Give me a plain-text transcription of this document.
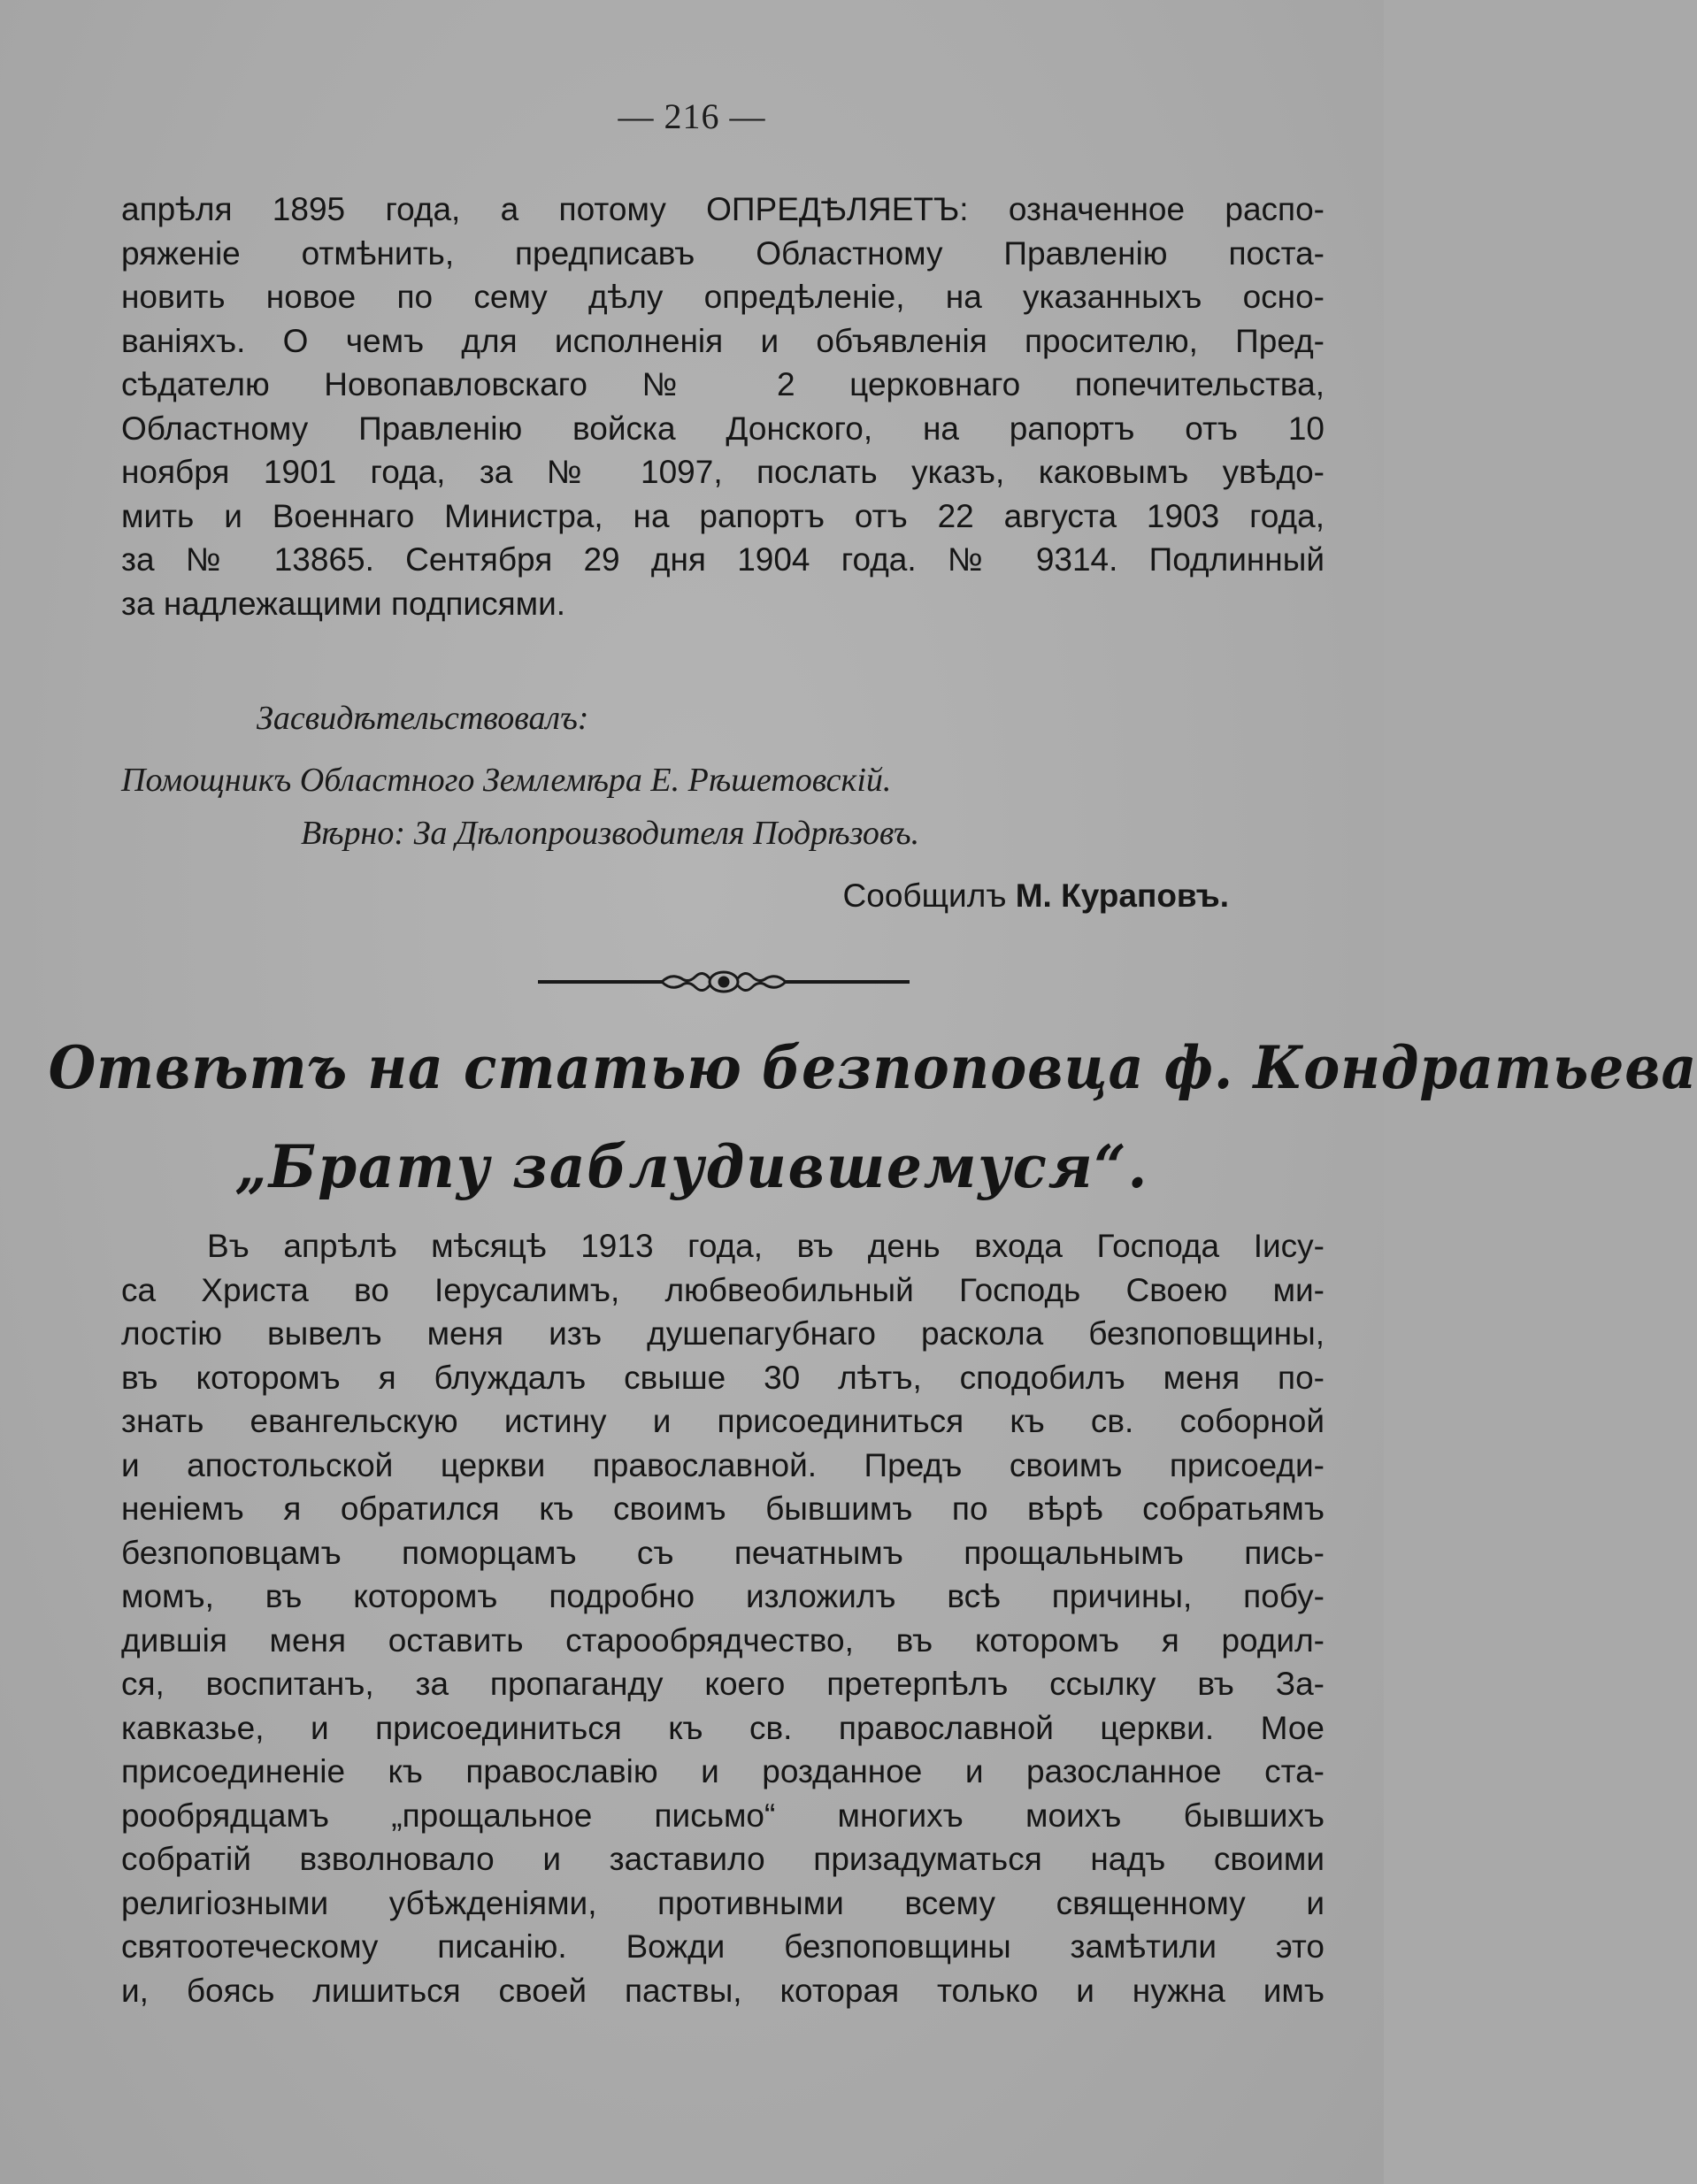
— 216 —
апрѣля 1895 года, а потому ОПРЕДѢЛЯЕТЪ: означенное распо-
ряженіе отмѣнить, предписавъ Областному Правленію поста-
новить новое по сему дѣлу опредѣленіе, на указанныхъ осно-
ваніяхъ. О чемъ для исполненія и объявленія просителю, Пред-
сѣдателю Новопавловскаго № 2 церковнаго попечительства,
Областному Правленію войска Донского, на рапортъ отъ 10
ноября 1901 года, за № 1097, послать указъ, каковымъ увѣдо-
мить и Военнаго Министра, на рапортъ отъ 22 августа 1903 года,
за № 13865. Сентября 29 дня 1904 года. № 9314. Подлинный
за надлежащими подписями.
Засвидѣтельствовалъ:
Помощникъ Областного Землемѣра Е. Рѣшетовскій.
Вѣрно: За Дѣлопроизводителя Подрѣзовъ.
Сообщилъ М. Кураповъ.
Отвѣтъ на статью безпоповца ф. Кондратьева
„Брату заблудившемуся“.
Въ апрѣлѣ мѣсяцѣ 1913 года, въ день входа Господа Іису-
са Христа во Іерусалимъ, любвеобильный Господь Своею ми-
лостію вывелъ меня изъ душепагубнаго раскола безпоповщины,
въ которомъ я блуждалъ свыше 30 лѣтъ, сподобилъ меня по-
знать евангельскую истину и присоединиться къ св. соборной
и апостольской церкви православной. Предъ своимъ присоеди-
неніемъ я обратился къ своимъ бывшимъ по вѣрѣ собратьямъ
безпоповцамъ поморцамъ съ печатнымъ прощальнымъ пись-
момъ, въ которомъ подробно изложилъ всѣ причины, побу-
дившія меня оставить старообрядчество, въ которомъ я родил-
ся, воспитанъ, за пропаганду коего претерпѣлъ ссылку въ За-
кавказье, и присоединиться къ св. православной церкви. Мое
присоединеніе къ православію и розданное и разосланное ста-
рообрядцамъ „прощальное письмо“ многихъ моихъ бывшихъ
собратій взволновало и заставило призадуматься надъ своими
религіозными убѣжденіями, противными всему священному и
святоотеческому писанію. Вожди безпоповщины замѣтили это
и, боясь лишиться своей паствы, которая только и нужна имъ
